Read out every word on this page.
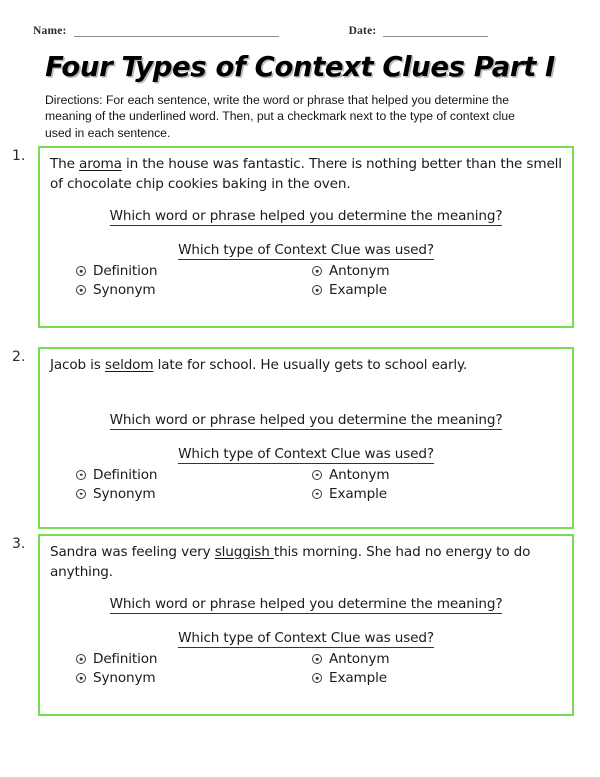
Name:	Date:
Four Types of Context Clues Part I
Directions: For each sentence, write the word or phrase that helped you determine the meaning of the underlined word. Then, put a checkmark next to the type of context clue used in each sentence.
1.	The aroma in the house was fantastic. There is nothing better than the smell of chocolate chip cookies baking in the oven.
Which word or phrase helped you determine the meaning?
Which type of Context Clue was used?
Definition	Antonym
Synonym	Example
2.	Jacob is seldom late for school. He usually gets to school early.
Which word or phrase helped you determine the meaning?
Which type of Context Clue was used?
Definition	Antonym
Synonym	Example
3.	Sandra was feeling very sluggish this morning. She had no energy to do anything.
Which word or phrase helped you determine the meaning?
Which type of Context Clue was used?
Definition	Antonym
Synonym	Example
